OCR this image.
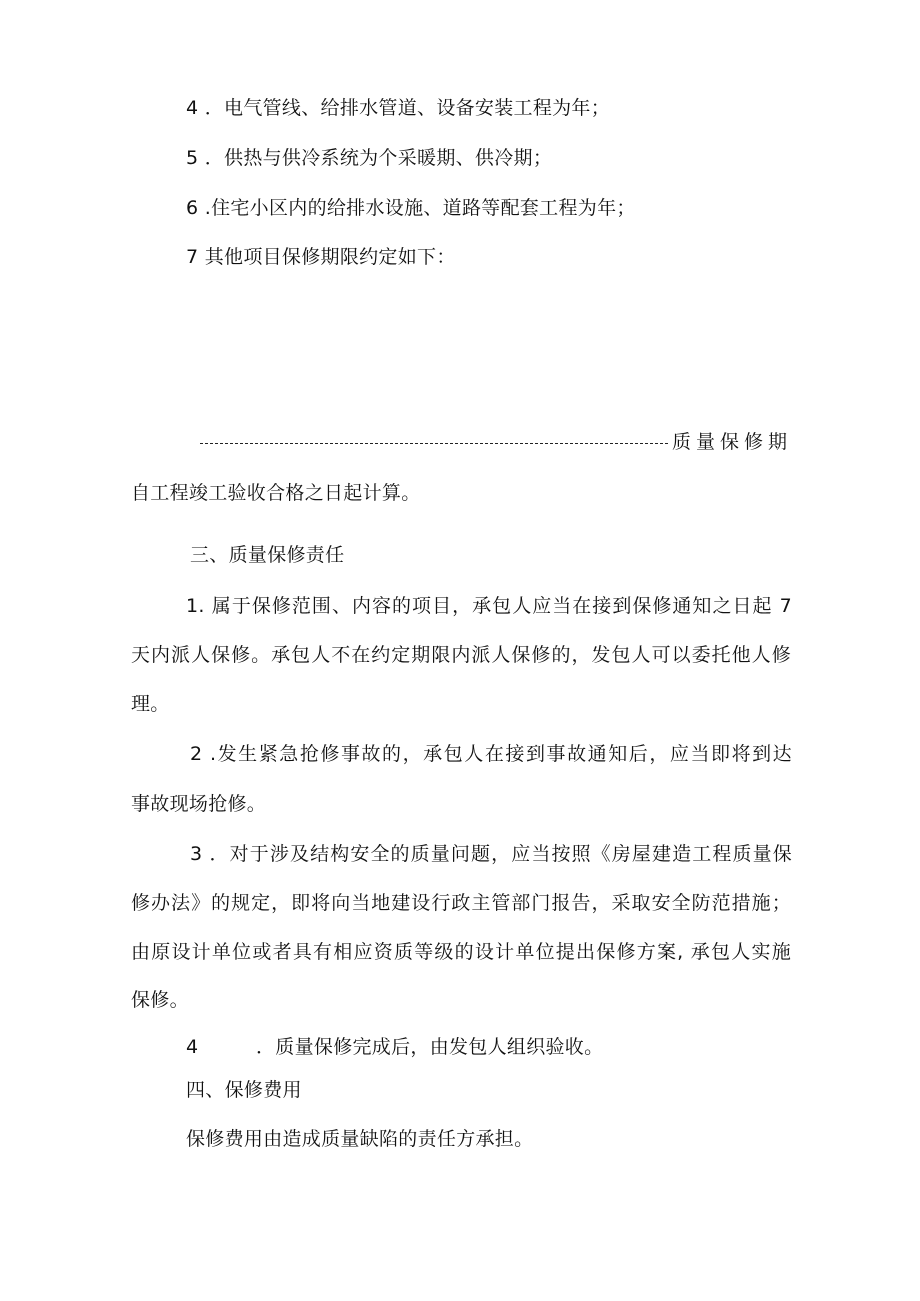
4 ．电气管线、给排水管道、设备安装工程为年；
5 ．供热与供冷系统为个采暖期、供冷期；
6 .住宅小区内的给排水设施、道路等配套工程为年；
7 其他项目保修期限约定如下：
质量保修期
自工程竣工验收合格之日起计算。
三、质量保修责任
1. 属于保修范围、内容的项目，承包人应当在接到保修通知之日起 7
天内派人保修。承包人不在约定期限内派人保修的，发包人可以委托他人修
理。
2 .发生紧急抢修事故的，承包人在接到事故通知后，应当即将到达
事故现场抢修。
3 ．对于涉及结构安全的质量问题，应当按照《房屋建造工程质量保
修办法》的规定，即将向当地建设行政主管部门报告，采取安全防范措施；
由原设计单位或者具有相应资质等级的设计单位提出保修方案, 承包人实施
保修。
4	．质量保修完成后，由发包人组织验收。
四、保修费用
保修费用由造成质量缺陷的责任方承担。
